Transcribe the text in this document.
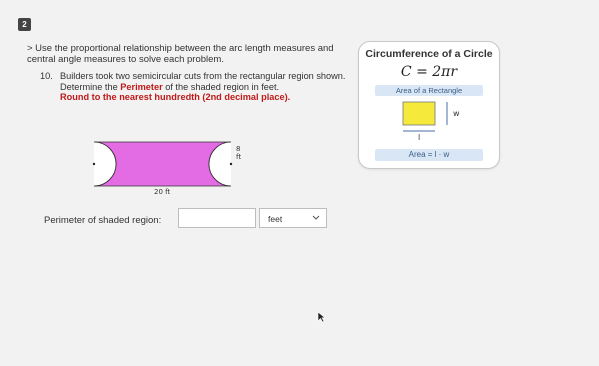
2
> Use the proportional relationship between the arc length measures and central angle measures to solve each problem.
10. Builders took two semicircular cuts from the rectangular region shown. Determine the Perimeter of the shaded region in feet.
Round to the nearest hundredth (2nd decimal place).
8 ft
20 ft
Circumference of a Circle
C = 2πr
Area of a Rectangle
w
l
Area = l · w
Perimeter of shaded region:	feet
